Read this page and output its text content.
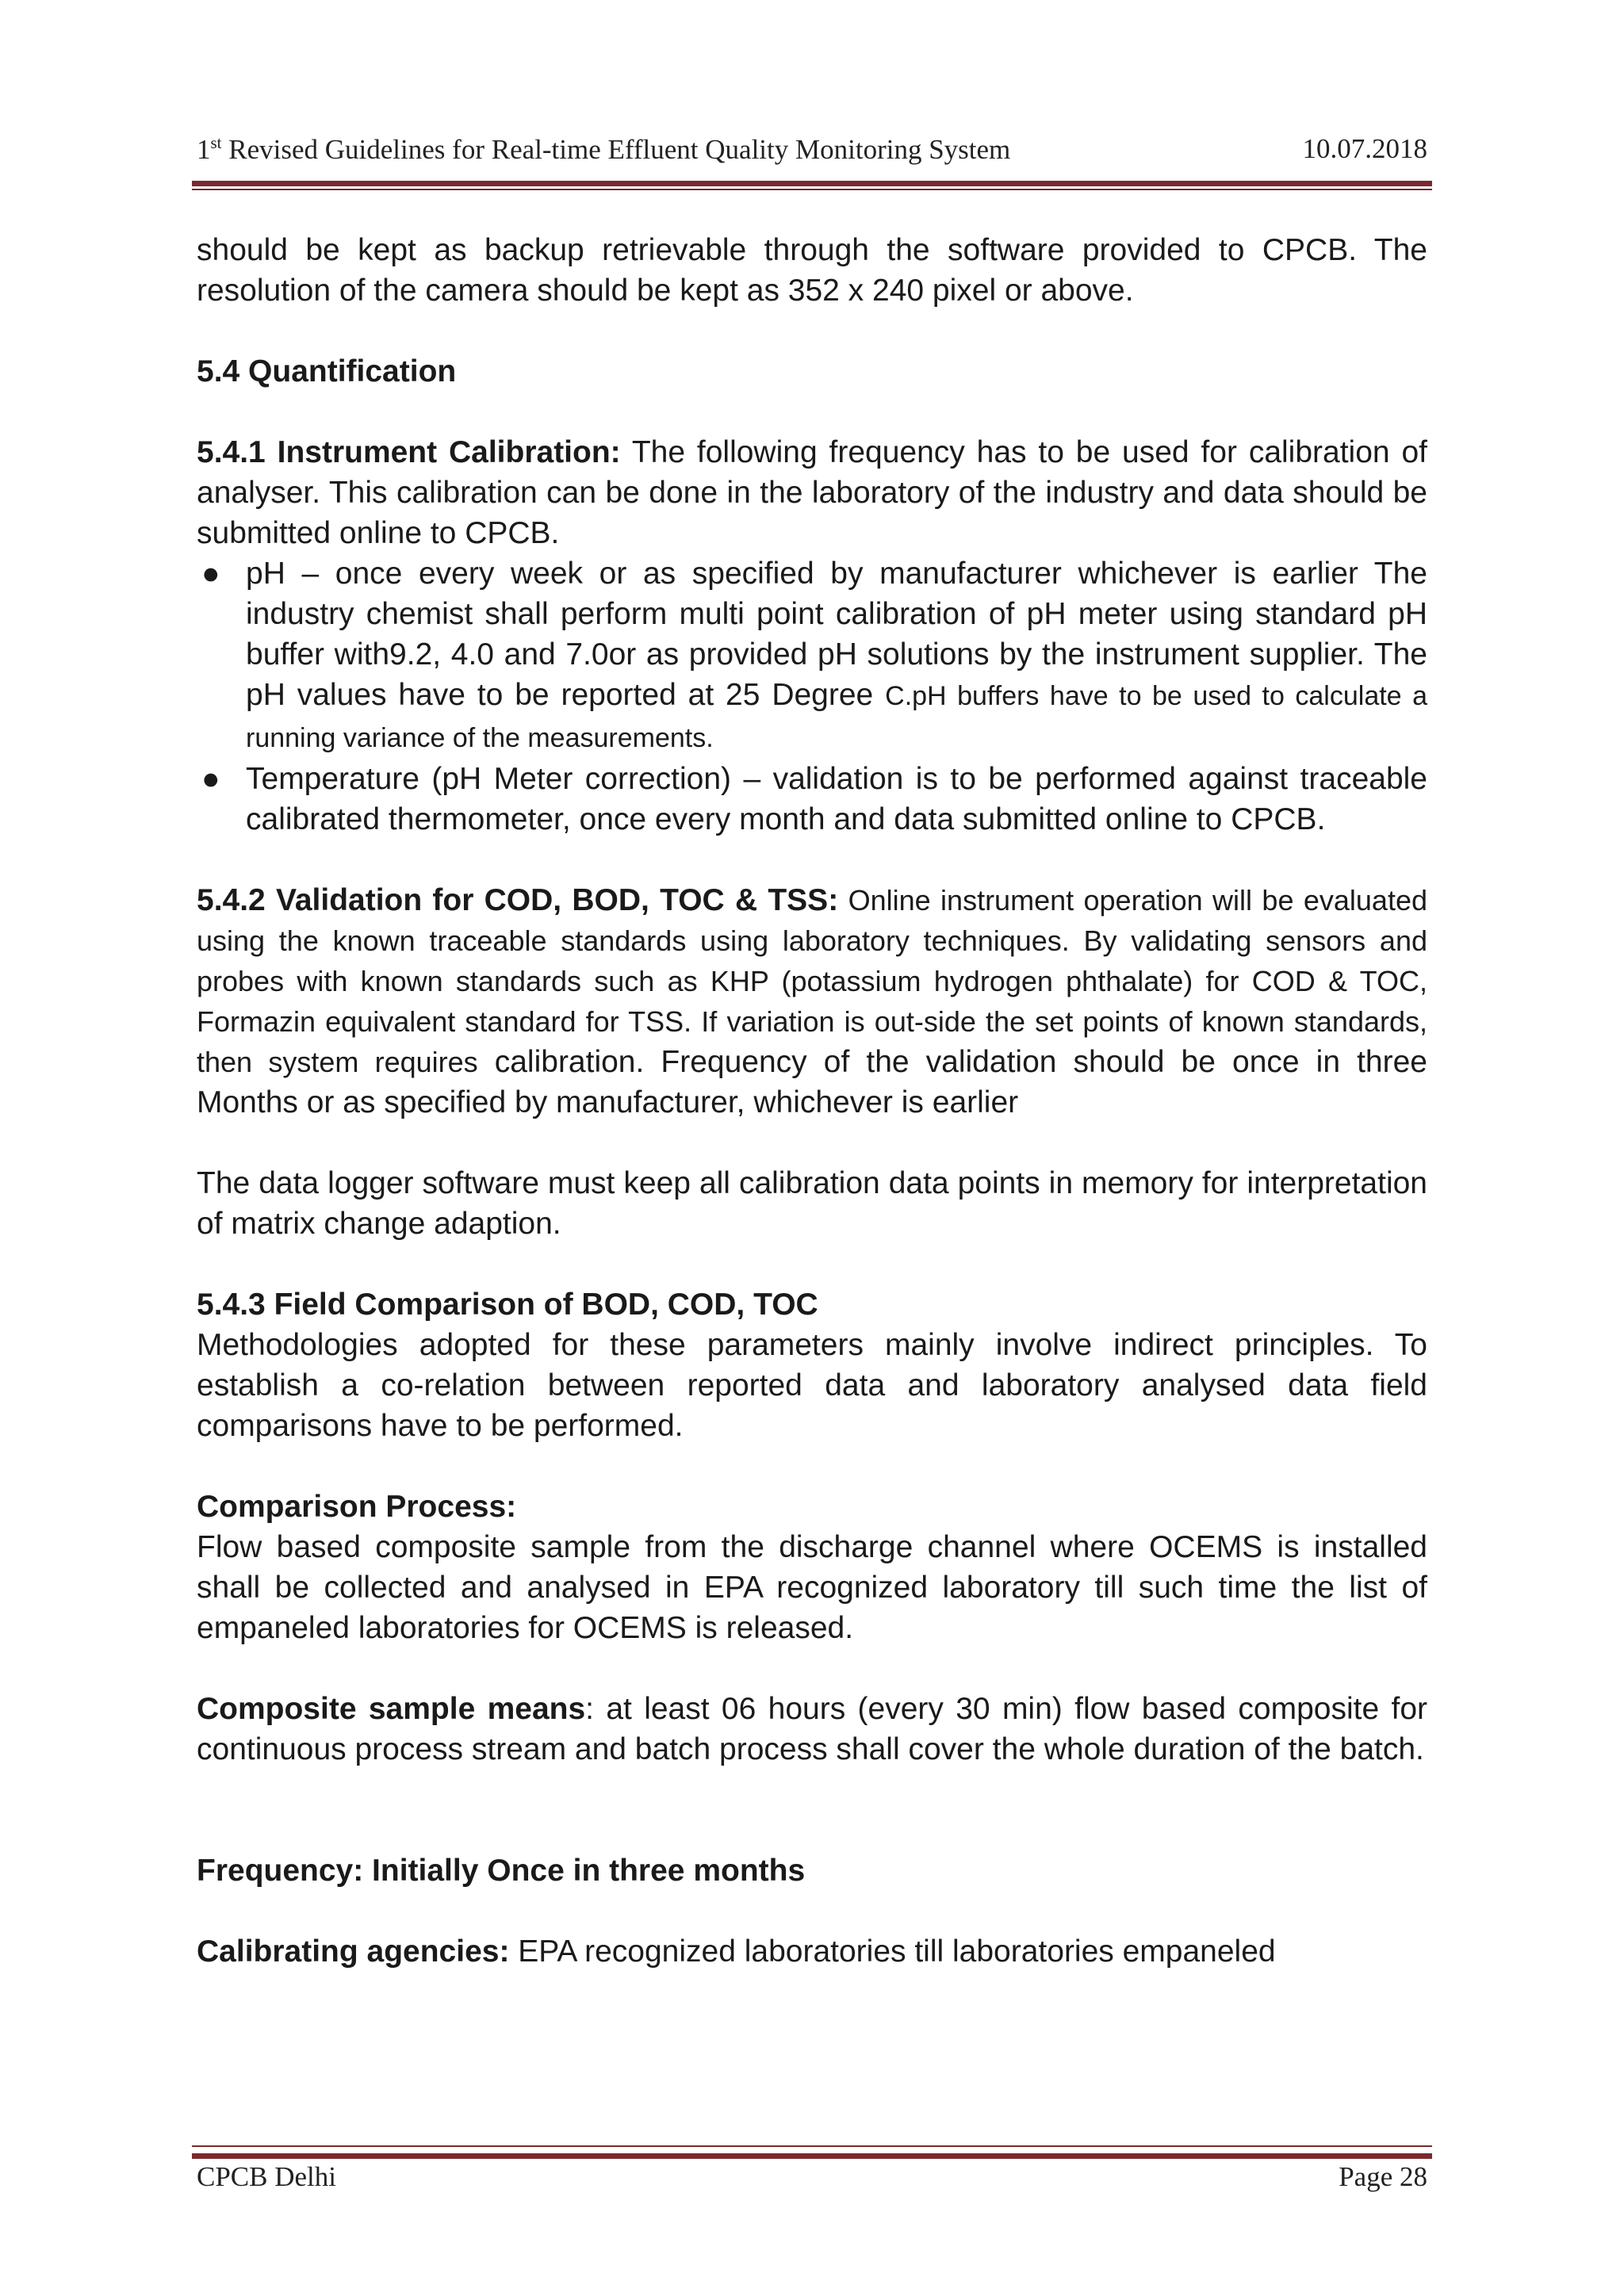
1st Revised Guidelines for Real-time Effluent Quality Monitoring System	10.07.2018

should be kept as backup retrievable through the software provided to CPCB. The resolution of the camera should be kept as 352 x 240 pixel or above.

5.4 Quantification

5.4.1 Instrument Calibration: The following frequency has to be used for calibration of analyser. This calibration can be done in the laboratory of the industry and data should be submitted online to CPCB.

● pH – once every week or as specified by manufacturer whichever is earlier The industry chemist shall perform multi point calibration of pH meter using standard pH buffer with9.2, 4.0 and 7.0or as provided pH solutions by the instrument supplier. The pH values have to be reported at 25 Degree C.pH buffers have to be used to calculate a running variance of the measurements.
● Temperature (pH Meter correction) – validation is to be performed against traceable calibrated thermometer, once every month and data submitted online to CPCB.

5.4.2 Validation for COD, BOD, TOC & TSS: Online instrument operation will be evaluated using the known traceable standards using laboratory techniques. By validating sensors and probes with known standards such as KHP (potassium hydrogen phthalate) for COD & TOC, Formazin equivalent standard for TSS. If variation is out-side the set points of known standards, then system requires calibration. Frequency of the validation should be once in three Months or as specified by manufacturer, whichever is earlier

The data logger software must keep all calibration data points in memory for interpretation of matrix change adaption.

5.4.3 Field Comparison of BOD, COD, TOC

Methodologies adopted for these parameters mainly involve indirect principles. To establish a co-relation between reported data and laboratory analysed data field comparisons have to be performed.

Comparison Process:

Flow based composite sample from the discharge channel where OCEMS is installed shall be collected and analysed in EPA recognized laboratory till such time the list of empaneled laboratories for OCEMS is released.

Composite sample means: at least 06 hours (every 30 min) flow based composite for continuous process stream and batch process shall cover the whole duration of the batch.

Frequency: Initially Once in three months

Calibrating agencies: EPA recognized laboratories till laboratories empaneled

CPCB Delhi	Page 28
